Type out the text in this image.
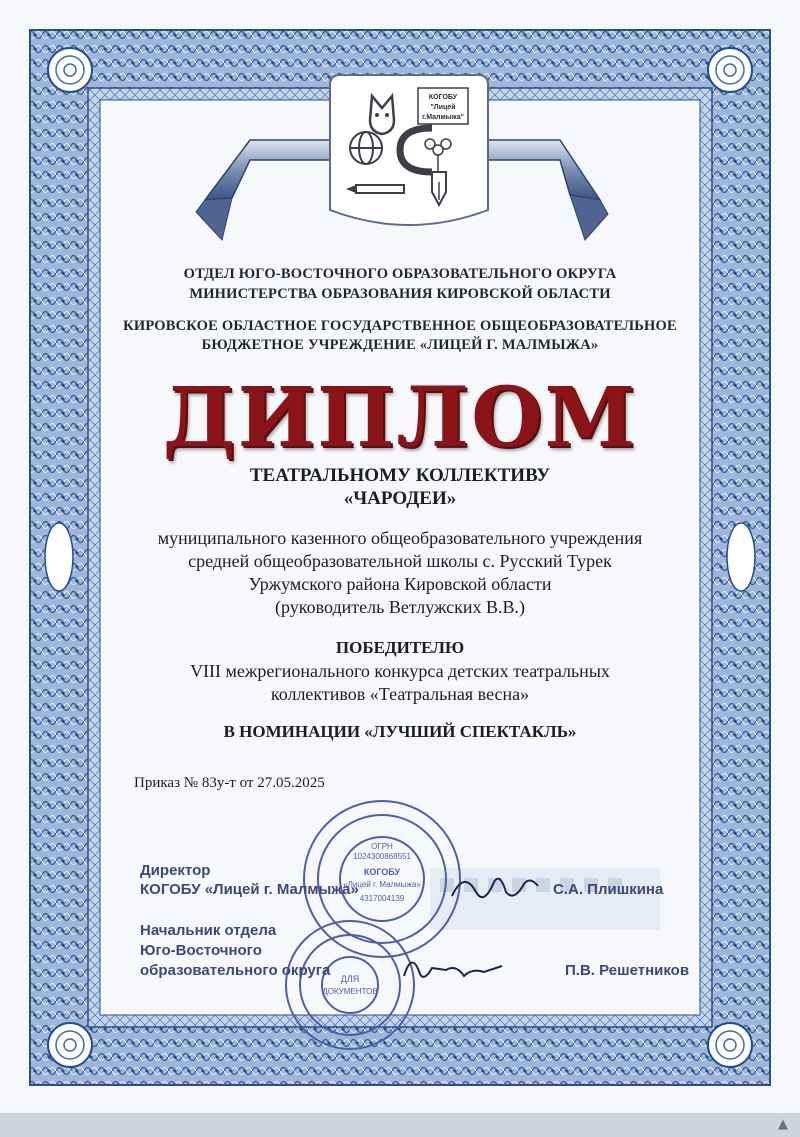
КОГОБУ
"Лицей
г.Малмыжа"

ОТДЕЛ ЮГО-ВОСТОЧНОГО ОБРАЗОВАТЕЛЬНОГО ОКРУГА

МИНИСТЕРСТВА ОБРАЗОВАНИЯ КИРОВСКОЙ ОБЛАСТИ

КИРОВСКОЕ ОБЛАСТНОЕ ГОСУДАРСТВЕННОЕ ОБЩЕОБРАЗОВАТЕЛЬНОЕ

БЮДЖЕТНОЕ УЧРЕЖДЕНИЕ «ЛИЦЕЙ Г. МАЛМЫЖА»

ДИПЛОМ

ТЕАТРАЛЬНОМУ КОЛЛЕКТИВУ

«ЧАРОДЕИ»

муниципального казенного общеобразовательного учреждения

средней общеобразовательной школы с. Русский Турек

Уржумского района Кировской области

(руководитель Ветлужских В.В.)

ПОБЕДИТЕЛЮ

VIII межрегионального конкурса детских театральных

коллективов «Театральная весна»

В НОМИНАЦИИ «ЛУЧШИЙ СПЕКТАКЛЬ»

Приказ № 83у-т от 27.05.2025
ОГРН
1024300868551
КОГОБУ
«Лицей г. Малмыжа»
4317004139
ДЛЯ
ДОКУМЕНТОВ

Директор

КОГОБУ «Лицей г. Малмыжа»	С.А. Плишкина

Начальник отдела

Юго-Восточного

образовательного округа	П.В. Решетников

▲
